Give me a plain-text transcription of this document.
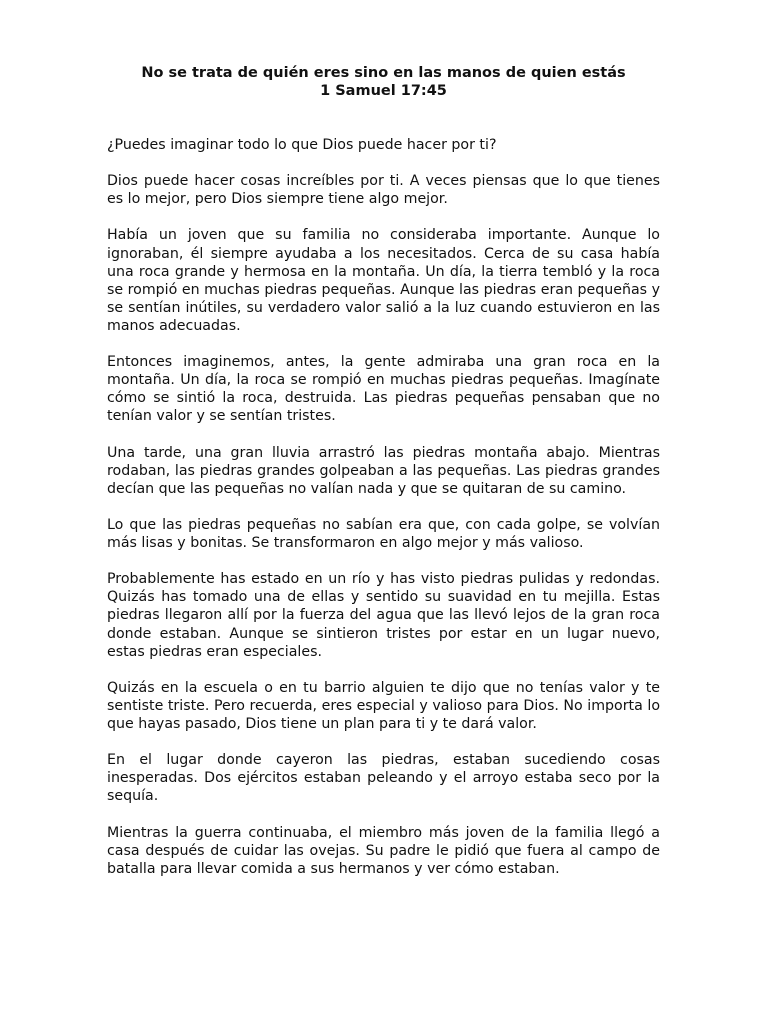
No se trata de quién eres sino en las manos de quien estás
1 Samuel 17:45

¿Puedes imaginar todo lo que Dios puede hacer por ti?

Dios puede hacer cosas increíbles por ti. A veces piensas que lo que tienes es lo mejor, pero Dios siempre tiene algo mejor.

Había un joven que su familia no consideraba importante. Aunque lo ignoraban, él siempre ayudaba a los necesitados. Cerca de su casa había una roca grande y hermosa en la montaña. Un día, la tierra tembló y la roca se rompió en muchas piedras pequeñas. Aunque las piedras eran pequeñas y se sentían inútiles, su verdadero valor salió a la luz cuando estuvieron en las manos adecuadas.

Entonces imaginemos, antes, la gente admiraba una gran roca en la montaña. Un día, la roca se rompió en muchas piedras pequeñas. Imagínate cómo se sintió la roca, destruida. Las piedras pequeñas pensaban que no tenían valor y se sentían tristes.

Una tarde, una gran lluvia arrastró las piedras montaña abajo. Mientras rodaban, las piedras grandes golpeaban a las pequeñas. Las piedras grandes decían que las pequeñas no valían nada y que se quitaran de su camino.

Lo que las piedras pequeñas no sabían era que, con cada golpe, se volvían más lisas y bonitas. Se transformaron en algo mejor y más valioso.

Probablemente has estado en un río y has visto piedras pulidas y redondas. Quizás has tomado una de ellas y sentido su suavidad en tu mejilla. Estas piedras llegaron allí por la fuerza del agua que las llevó lejos de la gran roca donde estaban. Aunque se sintieron tristes por estar en un lugar nuevo, estas piedras eran especiales.

Quizás en la escuela o en tu barrio alguien te dijo que no tenías valor y te sentiste triste. Pero recuerda, eres especial y valioso para Dios. No importa lo que hayas pasado, Dios tiene un plan para ti y te dará valor.

En el lugar donde cayeron las piedras, estaban sucediendo cosas inesperadas. Dos ejércitos estaban peleando y el arroyo estaba seco por la sequía.

Mientras la guerra continuaba, el miembro más joven de la familia llegó a casa después de cuidar las ovejas. Su padre le pidió que fuera al campo de batalla para llevar comida a sus hermanos y ver cómo estaban.
